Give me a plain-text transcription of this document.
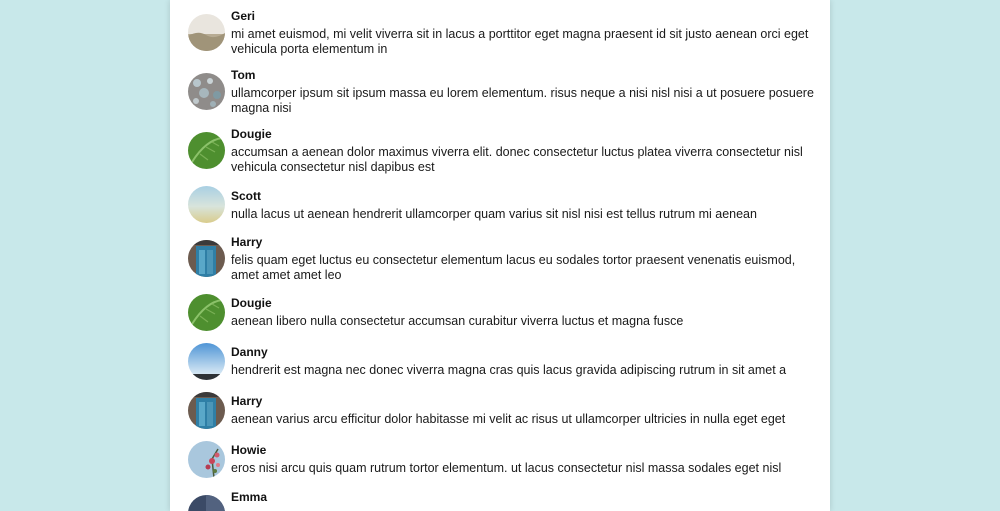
Geri
mi amet euismod, mi velit viverra sit in lacus a porttitor eget magna praesent id sit justo aenean orci eget vehicula porta elementum in
Tom
ullamcorper ipsum sit ipsum massa eu lorem elementum. risus neque a nisi nisl nisi a ut posuere posuere magna nisi
Dougie
accumsan a aenean dolor maximus viverra elit. donec consectetur luctus platea viverra consectetur nisl vehicula consectetur nisl dapibus est
Scott
nulla lacus ut aenean hendrerit ullamcorper quam varius sit nisl nisi est tellus rutrum mi aenean
Harry
felis quam eget luctus eu consectetur elementum lacus eu sodales tortor praesent venenatis euismod, amet amet amet leo
Dougie
aenean libero nulla consectetur accumsan curabitur viverra luctus et magna fusce
Danny
hendrerit est magna nec donec viverra magna cras quis lacus gravida adipiscing rutrum in sit amet a
Harry
aenean varius arcu efficitur dolor habitasse mi velit ac risus ut ullamcorper ultricies in nulla eget eget
Howie
eros nisi arcu quis quam rutrum tortor elementum. ut lacus consectetur nisl massa sodales eget nisl
Emma
